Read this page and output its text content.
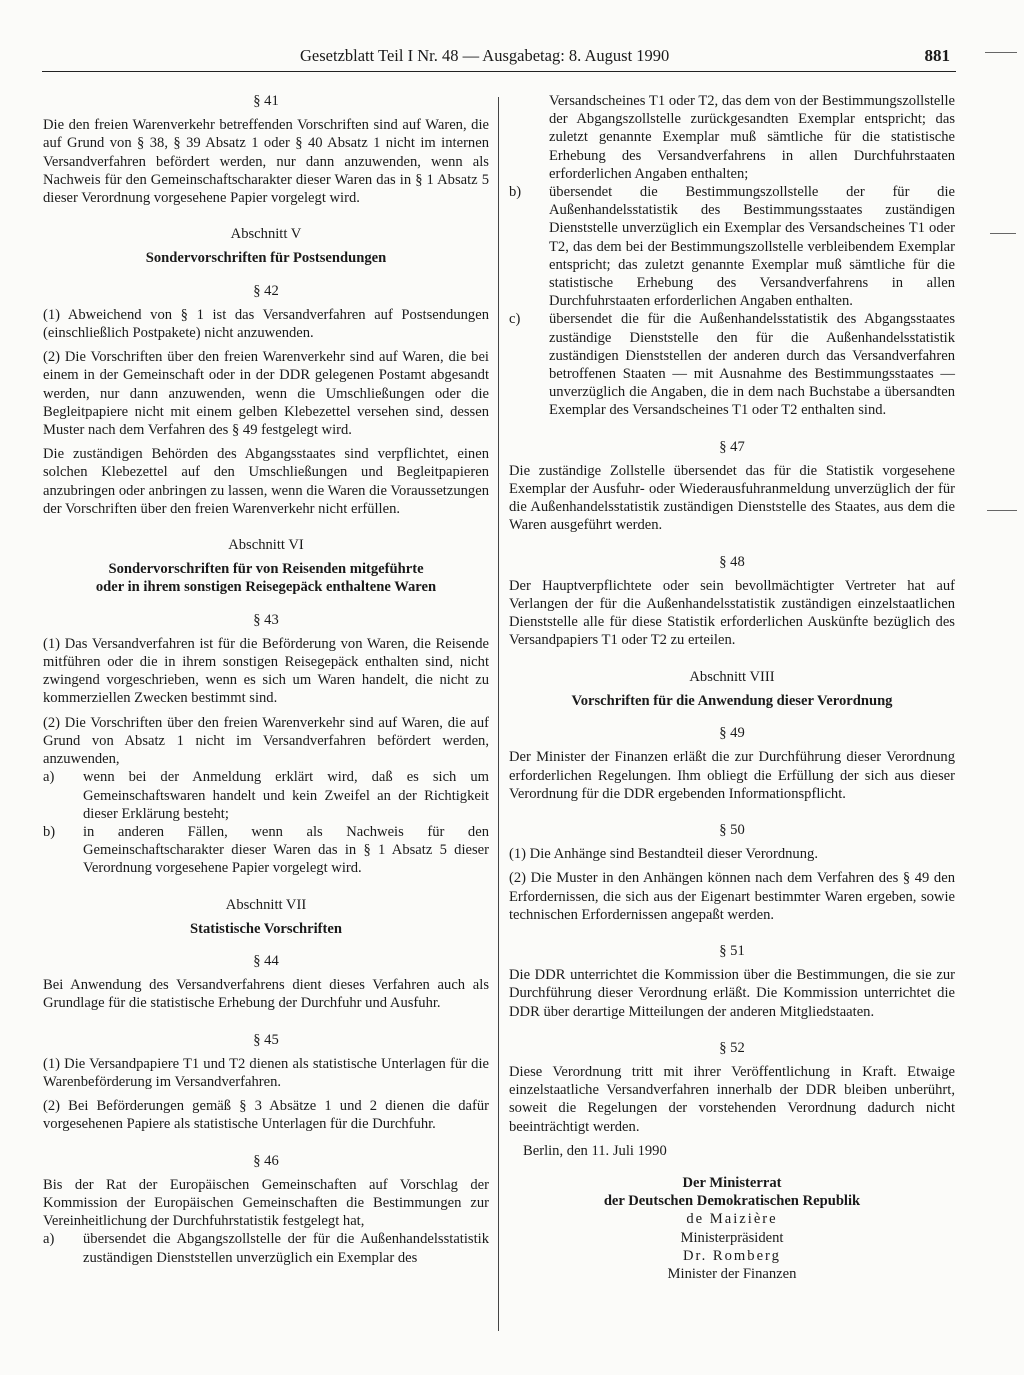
Gesetzblatt Teil I Nr. 48 — Ausgabetag: 8. August 1990	881

§ 41

Die den freien Warenverkehr betreffenden Vorschriften sind auf Waren, die auf Grund von § 38, § 39 Absatz 1 oder § 40 Absatz 1 nicht im internen Versandverfahren befördert werden, nur dann anzuwenden, wenn als Nachweis für den Gemeinschaftscharakter dieser Waren das in § 1 Absatz 5 dieser Verordnung vorgesehene Papier vorgelegt wird.

Abschnitt V

Sondervorschriften für Postsendungen

§ 42

(1) Abweichend von § 1 ist das Versandverfahren auf Postsendungen (einschließlich Postpakete) nicht anzuwenden.

(2) Die Vorschriften über den freien Warenverkehr sind auf Waren, die bei einem in der Gemeinschaft oder in der DDR gelegenen Postamt abgesandt werden, nur dann anzuwenden, wenn die Umschließungen oder die Begleitpapiere nicht mit einem gelben Klebezettel versehen sind, dessen Muster nach dem Verfahren des § 49 festgelegt wird.

Die zuständigen Behörden des Abgangsstaates sind verpflichtet, einen solchen Klebezettel auf den Umschließungen und Begleitpapieren anzubringen oder anbringen zu lassen, wenn die Waren die Voraussetzungen der Vorschriften über den freien Warenverkehr nicht erfüllen.

Abschnitt VI

Sondervorschriften für von Reisenden mitgeführte

oder in ihrem sonstigen Reisegepäck enthaltene Waren

§ 43

(1) Das Versandverfahren ist für die Beförderung von Waren, die Reisende mitführen oder die in ihrem sonstigen Reisegepäck enthalten sind, nicht zwingend vorgeschrieben, wenn es sich um Waren handelt, die nicht zu kommerziellen Zwecken bestimmt sind.

(2) Die Vorschriften über den freien Warenverkehr sind auf Waren, die auf Grund von Absatz 1 nicht im Versandverfahren befördert werden, anzuwenden,

a) wenn bei der Anmeldung erklärt wird, daß es sich um Gemeinschaftswaren handelt und kein Zweifel an der Richtigkeit dieser Erklärung besteht;
b) in anderen Fällen, wenn als Nachweis für den Gemeinschaftscharakter dieser Waren das in § 1 Absatz 5 dieser Verordnung vorgesehene Papier vorgelegt wird.

Abschnitt VII

Statistische Vorschriften

§ 44

Bei Anwendung des Versandverfahrens dient dieses Verfahren auch als Grundlage für die statistische Erhebung der Durchfuhr und Ausfuhr.

§ 45

(1) Die Versandpapiere T1 und T2 dienen als statistische Unterlagen für die Warenbeförderung im Versandverfahren.

(2) Bei Beförderungen gemäß § 3 Absätze 1 und 2 dienen die dafür vorgesehenen Papiere als statistische Unterlagen für die Durchfuhr.

§ 46

Bis der Rat der Europäischen Gemeinschaften auf Vorschlag der Kommission der Europäischen Gemeinschaften die Bestimmungen zur Vereinheitlichung der Durchfuhrstatistik festgelegt hat,

a) übersendet die Abgangszollstelle der für die Außenhandelsstatistik zuständigen Dienststellen unverzüglich ein Exemplar des
Versandscheines T1 oder T2, das dem von der Bestimmungszollstelle der Abgangszollstelle zurückgesandten Exemplar entspricht; das zuletzt genannte Exemplar muß sämtliche für die statistische Erhebung des Versandverfahrens in allen Durchfuhrstaaten erforderlichen Angaben enthalten;
b) übersendet die Bestimmungszollstelle der für die Außenhandelsstatistik des Bestimmungsstaates zuständigen Dienststelle unverzüglich ein Exemplar des Versandscheines T1 oder T2, das dem bei der Bestimmungszollstelle verbleibendem Exemplar entspricht; das zuletzt genannte Exemplar muß sämtliche für die statistische Erhebung des Versandverfahrens in allen Durchfuhrstaaten erforderlichen Angaben enthalten.
c) übersendet die für die Außenhandelsstatistik des Abgangsstaates zuständige Dienststelle den für die Außenhandelsstatistik zuständigen Dienststellen der anderen durch das Versandverfahren betroffenen Staaten — mit Ausnahme des Bestimmungsstaates — unverzüglich die Angaben, die in dem nach Buchstabe a übersandten Exemplar des Versandscheines T1 oder T2 enthalten sind.

§ 47

Die zuständige Zollstelle übersendet das für die Statistik vorgesehene Exemplar der Ausfuhr- oder Wiederausfuhranmeldung unverzüglich der für die Außenhandelsstatistik zuständigen Dienststelle des Staates, aus dem die Waren ausgeführt werden.

§ 48

Der Hauptverpflichtete oder sein bevollmächtigter Vertreter hat auf Verlangen der für die Außenhandelsstatistik zuständigen einzelstaatlichen Dienststelle alle für diese Statistik erforderlichen Auskünfte bezüglich des Versandpapiers T1 oder T2 zu erteilen.

Abschnitt VIII

Vorschriften für die Anwendung dieser Verordnung

§ 49

Der Minister der Finanzen erläßt die zur Durchführung dieser Verordnung erforderlichen Regelungen. Ihm obliegt die Erfüllung der sich aus dieser Verordnung für die DDR ergebenden Informationspflicht.

§ 50

(1) Die Anhänge sind Bestandteil dieser Verordnung.

(2) Die Muster in den Anhängen können nach dem Verfahren des § 49 den Erfordernissen, die sich aus der Eigenart bestimmter Waren ergeben, sowie technischen Erfordernissen angepaßt werden.

§ 51

Die DDR unterrichtet die Kommission über die Bestimmungen, die sie zur Durchführung dieser Verordnung erläßt. Die Kommission unterrichtet die DDR über derartige Mitteilungen der anderen Mitgliedstaaten.

§ 52

Diese Verordnung tritt mit ihrer Veröffentlichung in Kraft. Etwaige einzelstaatliche Versandverfahren innerhalb der DDR bleiben unberührt, soweit die Regelungen der vorstehenden Verordnung dadurch nicht beeinträchtigt werden.

Berlin, den 11. Juli 1990

Der Ministerrat

der Deutschen Demokratischen Republik

de Maizière

Ministerpräsident

Dr. Romberg

Minister der Finanzen
